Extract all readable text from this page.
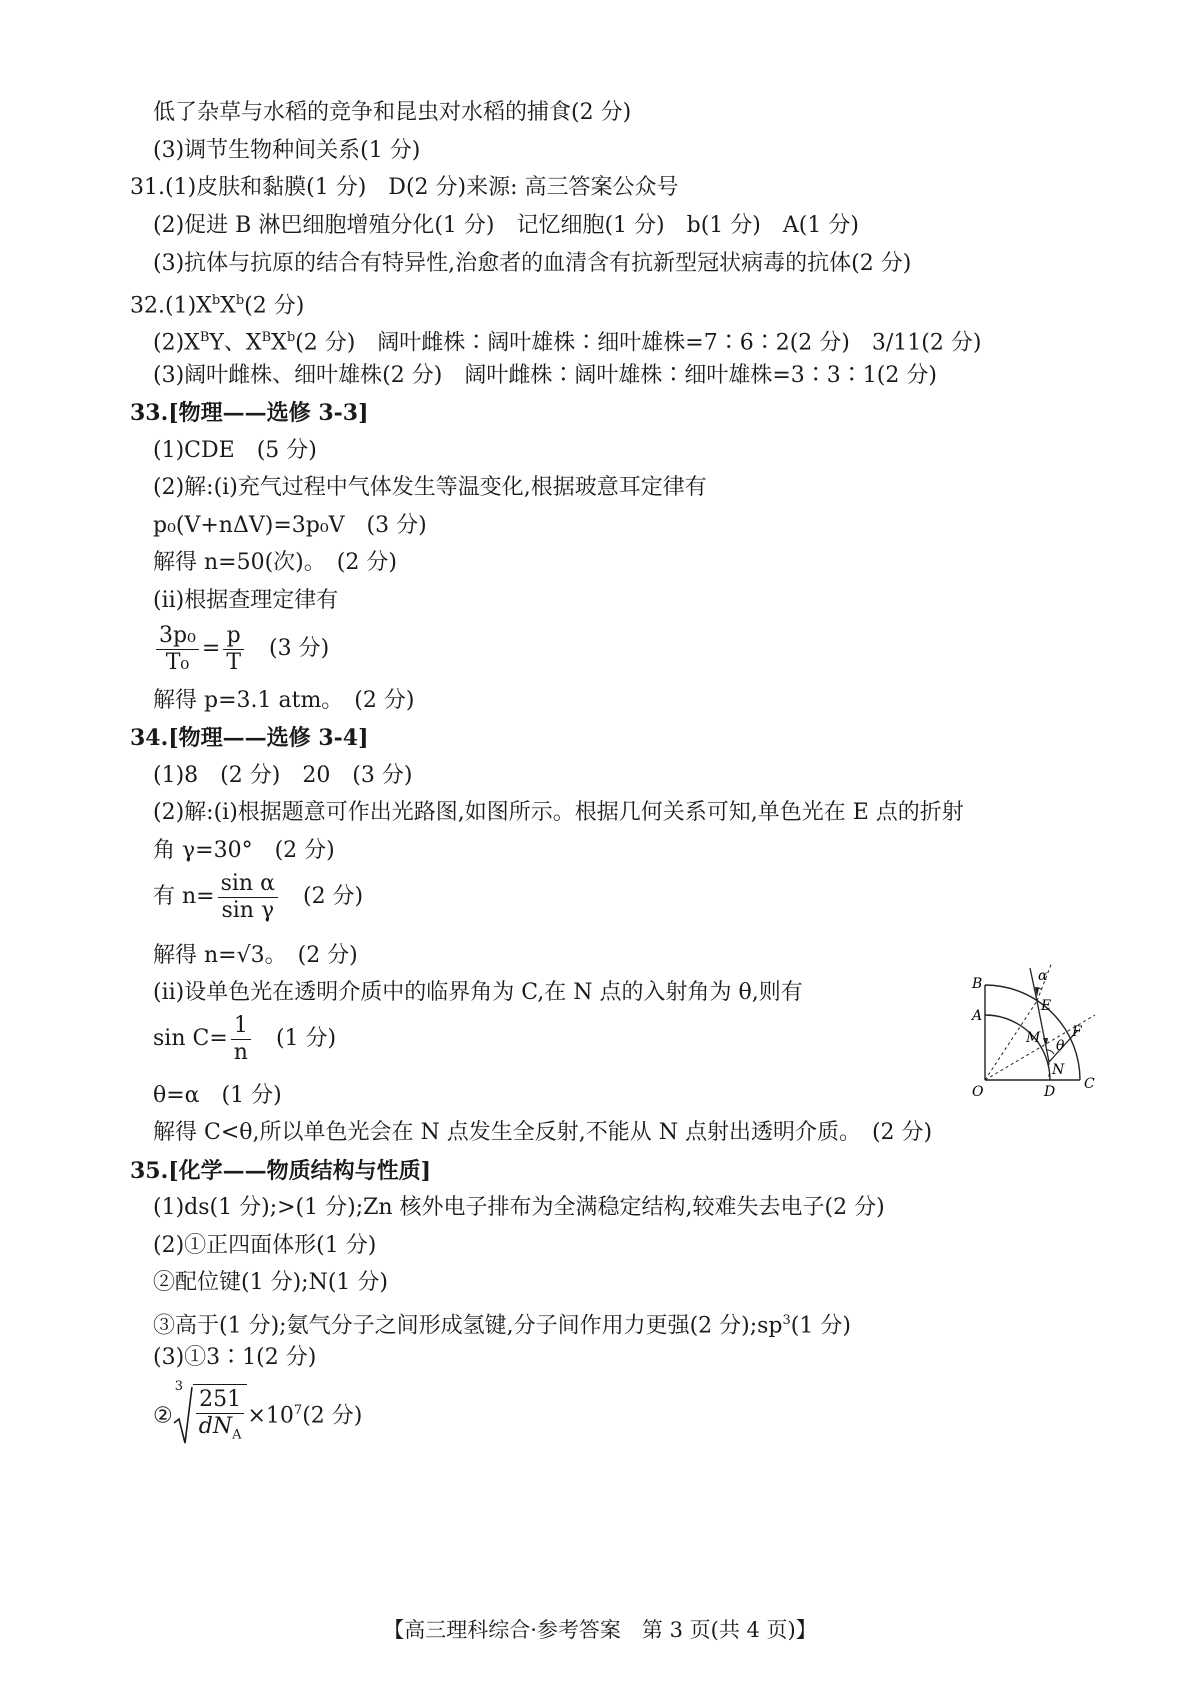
低了杂草与水稻的竞争和昆虫对水稻的捕食(2 分)
(3)调节生物种间关系(1 分)
31.(1)皮肤和黏膜(1 分)　D(2 分)来源: 高三答案公众号
(2)促进 B 淋巴细胞增殖分化(1 分)　记忆细胞(1 分)　b(1 分)　A(1 分)
(3)抗体与抗原的结合有特异性,治愈者的血清含有抗新型冠状病毒的抗体(2 分)
$32.(1)X^bX^b(2$ 分)
$(2)X^BY$、$X^BX^b(2$ 分)　阔叶雌株∶阔叶雄株∶细叶雄株=7∶6∶2(2 分)　3/11(2 分)
(3)阔叶雌株、细叶雄株(2 分)　阔叶雌株∶阔叶雄株∶细叶雄株=3∶3∶1(2 分)
33.[物理——选修 3-3]
(1)CDE　(5 分)
(2)解:(ⅰ)充气过程中气体发生等温变化,根据玻意耳定律有
p₀(V+nΔV)=3p₀V　(3 分)
解得 n=50(次)。　(2 分)
(ⅱ)根据查理定律有
$\frac{\text{3p₀}}{\text{T₀}} = \frac{p}{T}$
　 (3 分)
解得 p=3.1 atm。　(2 分)
34.[物理——选修 3-4]
(1)8　(2 分)　20　(3 分)
(2)解:(ⅰ)根据题意可作出光路图,如图所示。根据几何关系可知,单色光在 E 点的折射
角 γ=30°　(2 分)
有 $n= \frac{\text{sin α}}{\text{sin γ}}$
　 (2 分)
解得 n=√3。　(2 分)
(ⅱ)设单色光在透明介质中的临界角为 C,在 N 点的入射角为 θ,则有
$\sin C= \frac{1}{n}$
　 (1 分)
θ=α　(1 分)
解得 C<θ,所以单色光会在 N 点发生全反射,不能从 N 点射出透明介质。　(2 分)
35.[化学——物质结构与性质]
(1)ds(1 分);>(1 分);Zn 核外电子排布为全满稳定结构,较难失去电子(2 分)
(2)①正四面体形(1 分)
②配位键(1 分);N(1 分)
③高于(1 分);氨气分子之间形成氢键,分子间作用力更强(2 分)$;sp^3(1$ 分)
(3)①3∶1(2 分)
②
3
$\frac{251}{dN_A} \times 10^7(2$ 分)
B
A
O	D C
E
F
M
N
α
θ
【高三理科综合·参考答案　第 3 页(共 4 页)】
